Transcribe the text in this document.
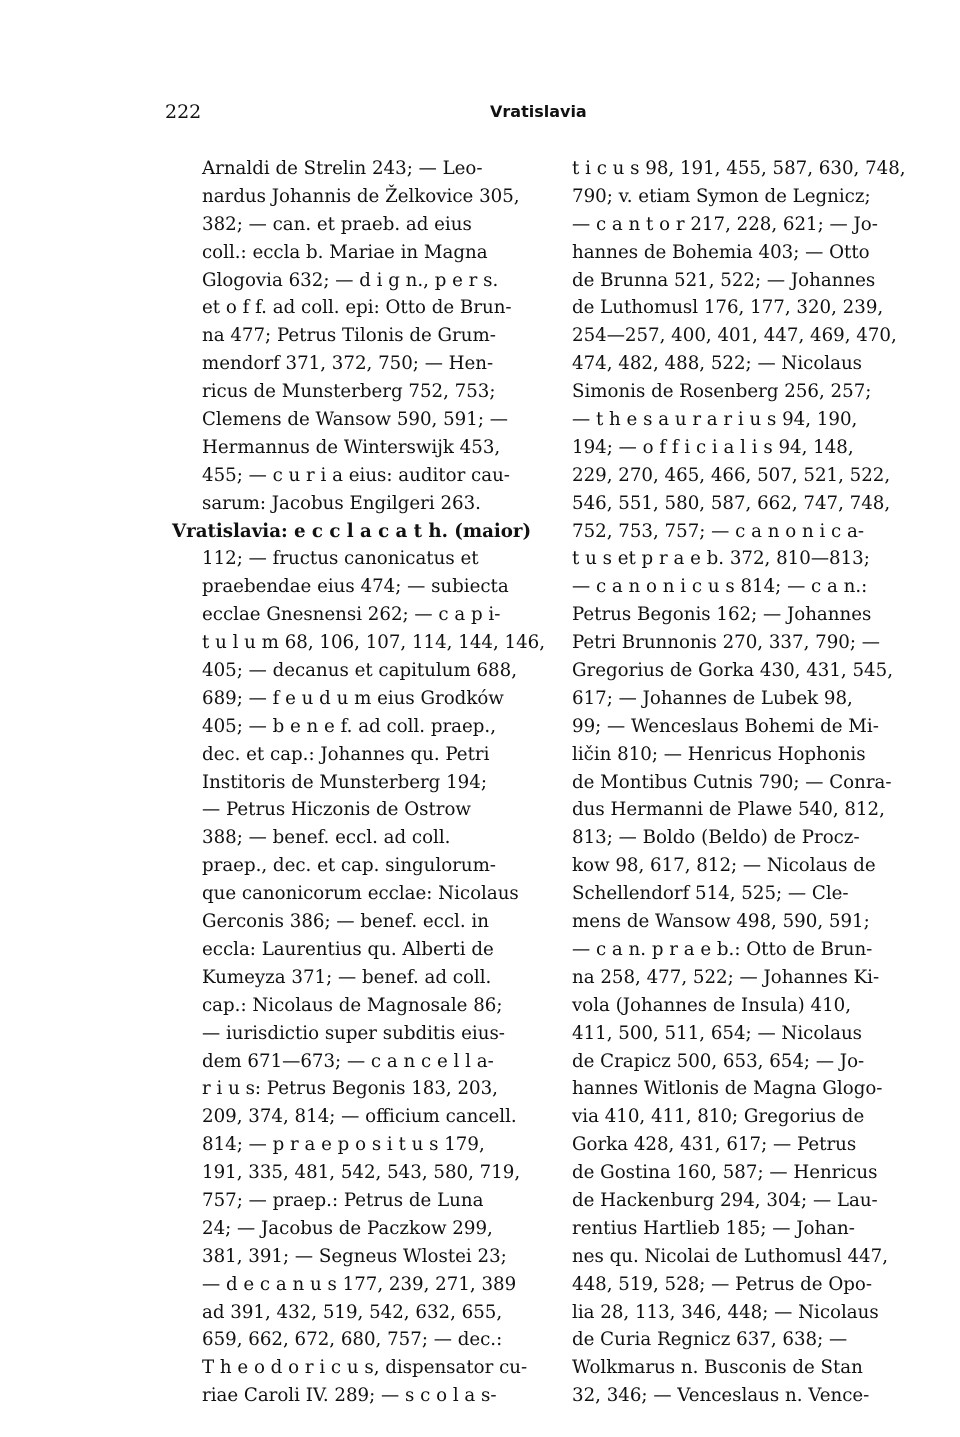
222	Vratislavia
Arnaldi de Strelin 243; — Leo-
nardus Johannis de Želkovice 305,
382; — can. et praeb. ad eius
coll.: eccla b. Mariae in Magna
Glogovia 632; — d i g n., p e r s.
et o f f. ad coll. epi: Otto de Brun-
na 477; Petrus Tilonis de Grum-
mendorf 371, 372, 750; — Hen-
ricus de Munsterberg 752, 753;
Clemens de Wansow 590, 591; —
Hermannus de Winterswijk 453,
455; — c u r i a eius: auditor cau-
sarum: Jacobus Engilgeri 263.
Vratislavia: e c c l a c a t h. (maior)
112; — fructus canonicatus et
praebendae eius 474; — subiecta
ecclae Gnesnensi 262; — c a p i-
t u l u m 68, 106, 107, 114, 144, 146,
405; — decanus et capitulum 688,
689; — f e u d u m eius Grodków
405; — b e n e f. ad coll. praep.,
dec. et cap.: Johannes qu. Petri
Institoris de Munsterberg 194;
— Petrus Hiczonis de Ostrow
388; — benef. eccl. ad coll.
praep., dec. et cap. singulorum-
que canonicorum ecclae: Nicolaus
Gerconis 386; — benef. eccl. in
eccla: Laurentius qu. Alberti de
Kumeyza 371; — benef. ad coll.
cap.: Nicolaus de Magnosale 86;
— iurisdictio super subditis eius-
dem 671—673; — c a n c e l l a-
r i u s: Petrus Begonis 183, 203,
209, 374, 814; — officium cancell.
814; — p r a e p o s i t u s 179,
191, 335, 481, 542, 543, 580, 719,
757; — praep.: Petrus de Luna
24; — Jacobus de Paczkow 299,
381, 391; — Segneus Wlostei 23;
— d e c a n u s 177, 239, 271, 389
ad 391, 432, 519, 542, 632, 655,
659, 662, 672, 680, 757; — dec.:
T h e o d o r i c u s, dispensator cu-
riae Caroli IV. 289; — s c o l a s-
t i c u s 98, 191, 455, 587, 630, 748,
790; v. etiam Symon de Legnicz;
— c a n t o r 217, 228, 621; — Jo-
hannes de Bohemia 403; — Otto
de Brunna 521, 522; — Johannes
de Luthomusl 176, 177, 320, 239,
254—257, 400, 401, 447, 469, 470,
474, 482, 488, 522; — Nicolaus
Simonis de Rosenberg 256, 257;
— t h e s a u r a r i u s 94, 190,
194; — o f f i c i a l i s 94, 148,
229, 270, 465, 466, 507, 521, 522,
546, 551, 580, 587, 662, 747, 748,
752, 753, 757; — c a n o n i c a-
t u s et p r a e b. 372, 810—813;
— c a n o n i c u s 814; — c a n.:
Petrus Begonis 162; — Johannes
Petri Brunnonis 270, 337, 790; —
Gregorius de Gorka 430, 431, 545,
617; — Johannes de Lubek 98,
99; — Wenceslaus Bohemi de Mi-
ličin 810; — Henricus Hophonis
de Montibus Cutnis 790; — Conra-
dus Hermanni de Plawe 540, 812,
813; — Boldo (Beldo) de Procz-
kow 98, 617, 812; — Nicolaus de
Schellendorf 514, 525; — Cle-
mens de Wansow 498, 590, 591;
— c a n. p r a e b.: Otto de Brun-
na 258, 477, 522; — Johannes Ki-
vola (Johannes de Insula) 410,
411, 500, 511, 654; — Nicolaus
de Crapicz 500, 653, 654; — Jo-
hannes Witlonis de Magna Glogo-
via 410, 411, 810; Gregorius de
Gorka 428, 431, 617; — Petrus
de Gostina 160, 587; — Henricus
de Hackenburg 294, 304; — Lau-
rentius Hartlieb 185; — Johan-
nes qu. Nicolai de Luthomusl 447,
448, 519, 528; — Petrus de Opo-
lia 28, 113, 346, 448; — Nicolaus
de Curia Regnicz 637, 638; —
Wolkmarus n. Busconis de Stan
32, 346; — Venceslaus n. Vence-
